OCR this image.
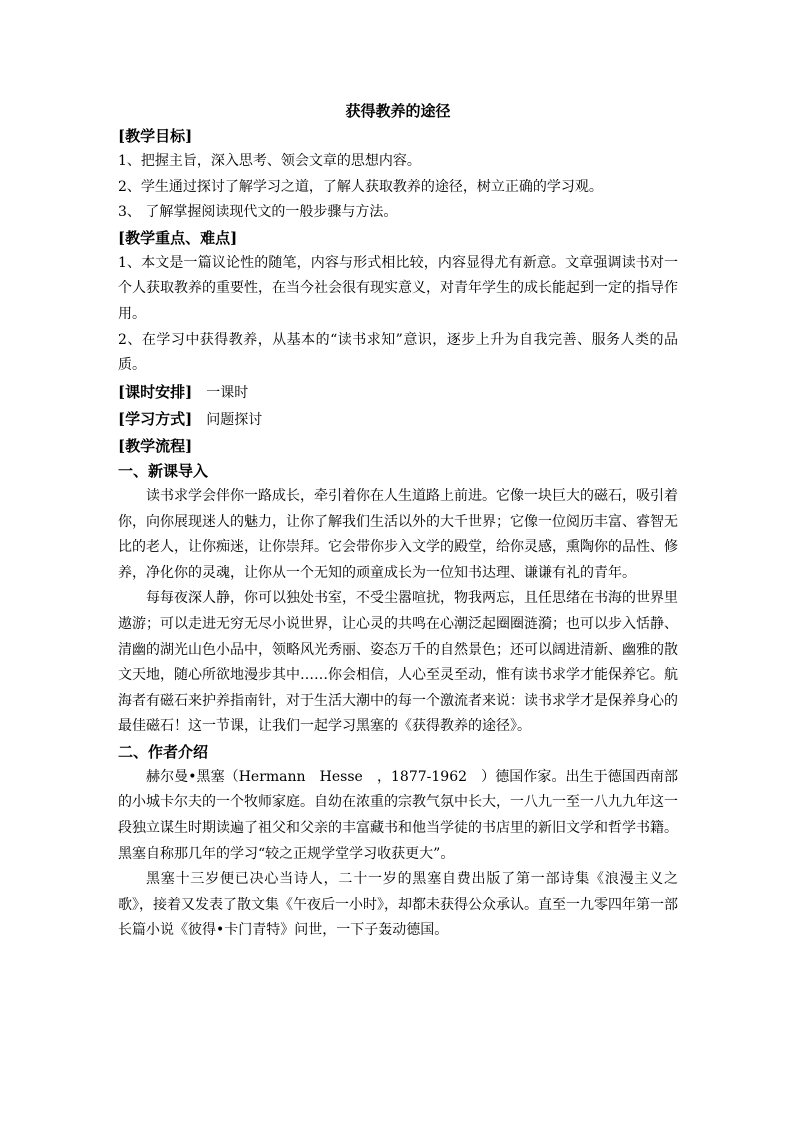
获得教养的途径
[教学目标]
1、把握主旨，深入思考、领会文章的思想内容。
2、学生通过探讨了解学习之道，了解人获取教养的途径，树立正确的学习观。
3、 了解掌握阅读现代文的一般步骤与方法。
[教学重点、难点]
1、本文是一篇议论性的随笔，内容与形式相比较，内容显得尤有新意。文章强调读书对一个人获取教养的重要性，在当今社会很有现实意义，对青年学生的成长能起到一定的指导作用。
2、在学习中获得教养，从基本的“读书求知”意识，逐步上升为自我完善、服务人类的品质。
[课时安排] 一课时
[学习方式] 问题探讨
[教学流程]
一、新课导入
读书求学会伴你一路成长，牵引着你在人生道路上前进。它像一块巨大的磁石，吸引着你，向你展现迷人的魅力，让你了解我们生活以外的大千世界；它像一位阅历丰富、睿智无比的老人，让你痴迷，让你崇拜。它会带你步入文学的殿堂，给你灵感，熏陶你的品性、修养，净化你的灵魂，让你从一个无知的顽童成长为一位知书达理、谦谦有礼的青年。
每每夜深人静，你可以独处书室，不受尘嚣喧扰，物我两忘，且任思绪在书海的世界里遨游；可以走进无穷无尽小说世界，让心灵的共鸣在心潮泛起圈圈涟漪；也可以步入恬静、清幽的湖光山色小品中，领略风光秀丽、姿态万千的自然景色；还可以阔进清新、幽雅的散文天地，随心所欲地漫步其中……你会相信，人心至灵至动，惟有读书求学才能保养它。航海者有磁石来护养指南针，对于生活大潮中的每一个激流者来说：读书求学才是保养身心的最佳磁石！这一节课，让我们一起学习黑塞的《获得教养的途径》。
二、作者介绍
赫尔曼•黑塞（Hermann　Hesse　，1877-1962　）德国作家。出生于德国西南部的小城卡尔夫的一个牧师家庭。自幼在浓重的宗教气氛中长大，一八九一至一八九九年这一段独立谋生时期读遍了祖父和父亲的丰富藏书和他当学徒的书店里的新旧文学和哲学书籍。黑塞自称那几年的学习“较之正规学堂学习收获更大”。
黑塞十三岁便已决心当诗人，二十一岁的黑塞自费出版了第一部诗集《浪漫主义之歌》，接着又发表了散文集《午夜后一小时》，却都未获得公众承认。直至一九零四年第一部长篇小说《彼得•卡门青特》问世，一下子轰动德国。
